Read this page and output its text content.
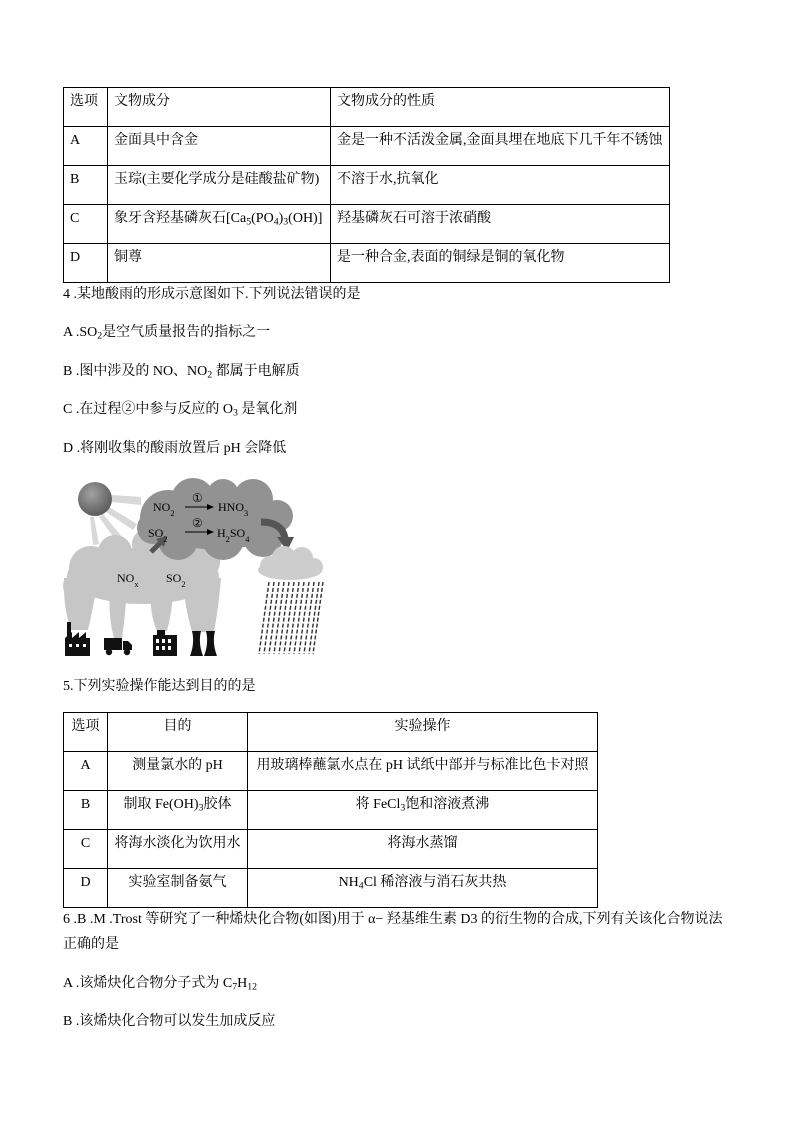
选项	文物成分	文物成分的性质
A	金面具中含金	金是一种不活泼金属,金面具埋在地底下几千年不锈蚀
B	玉琮(主要化学成分是硅酸盐矿物)	不溶于水,抗氧化
C	象牙含羟基磷灰石$[Ca_5(PO_4)_3(OH)]$	羟基磷灰石可溶于浓硝酸
D	铜尊	是一种合金,表面的铜绿是铜的氧化物
4 .某地酸雨的形成示意图如下.下列说法错误的是
A $.SO_2$是空气质量报告的指标之一
B .图中涉及的 NO、$NO_2$ 都属于电解质
C .在过程②中参与反应的 $O_3$ 是氧化剂
D .将刚收集的酸雨放置后 pH 会降低
$NO_2$
①
$HNO_3$
$SO_2$
②
$H_2SO_4$
$NO_x$ $SO_2$
5.下列实验操作能达到目的的是
选项	目的	实验操作
A	测量氯水的 pH	用玻璃棒蘸氯水点在 pH 试纸中部并与标准比色卡对照
B	制取 $Fe(OH)_3$胶体	将 FeCl$_3$饱和溶液煮沸
C	将海水淡化为饮用水	将海水蒸馏
D	实验室制备氨气	$NH_4Cl$ 稀溶液与消石灰共热
6 .B .M .Trost 等研究了一种烯炔化合物(如图)用于 α− 羟基维生素 D3 的衍生物的合成,下列有关该化合物说法
正确的是
A .该烯炔化合物分子式为 $C_7H_{12}$
B .该烯炔化合物可以发生加成反应
